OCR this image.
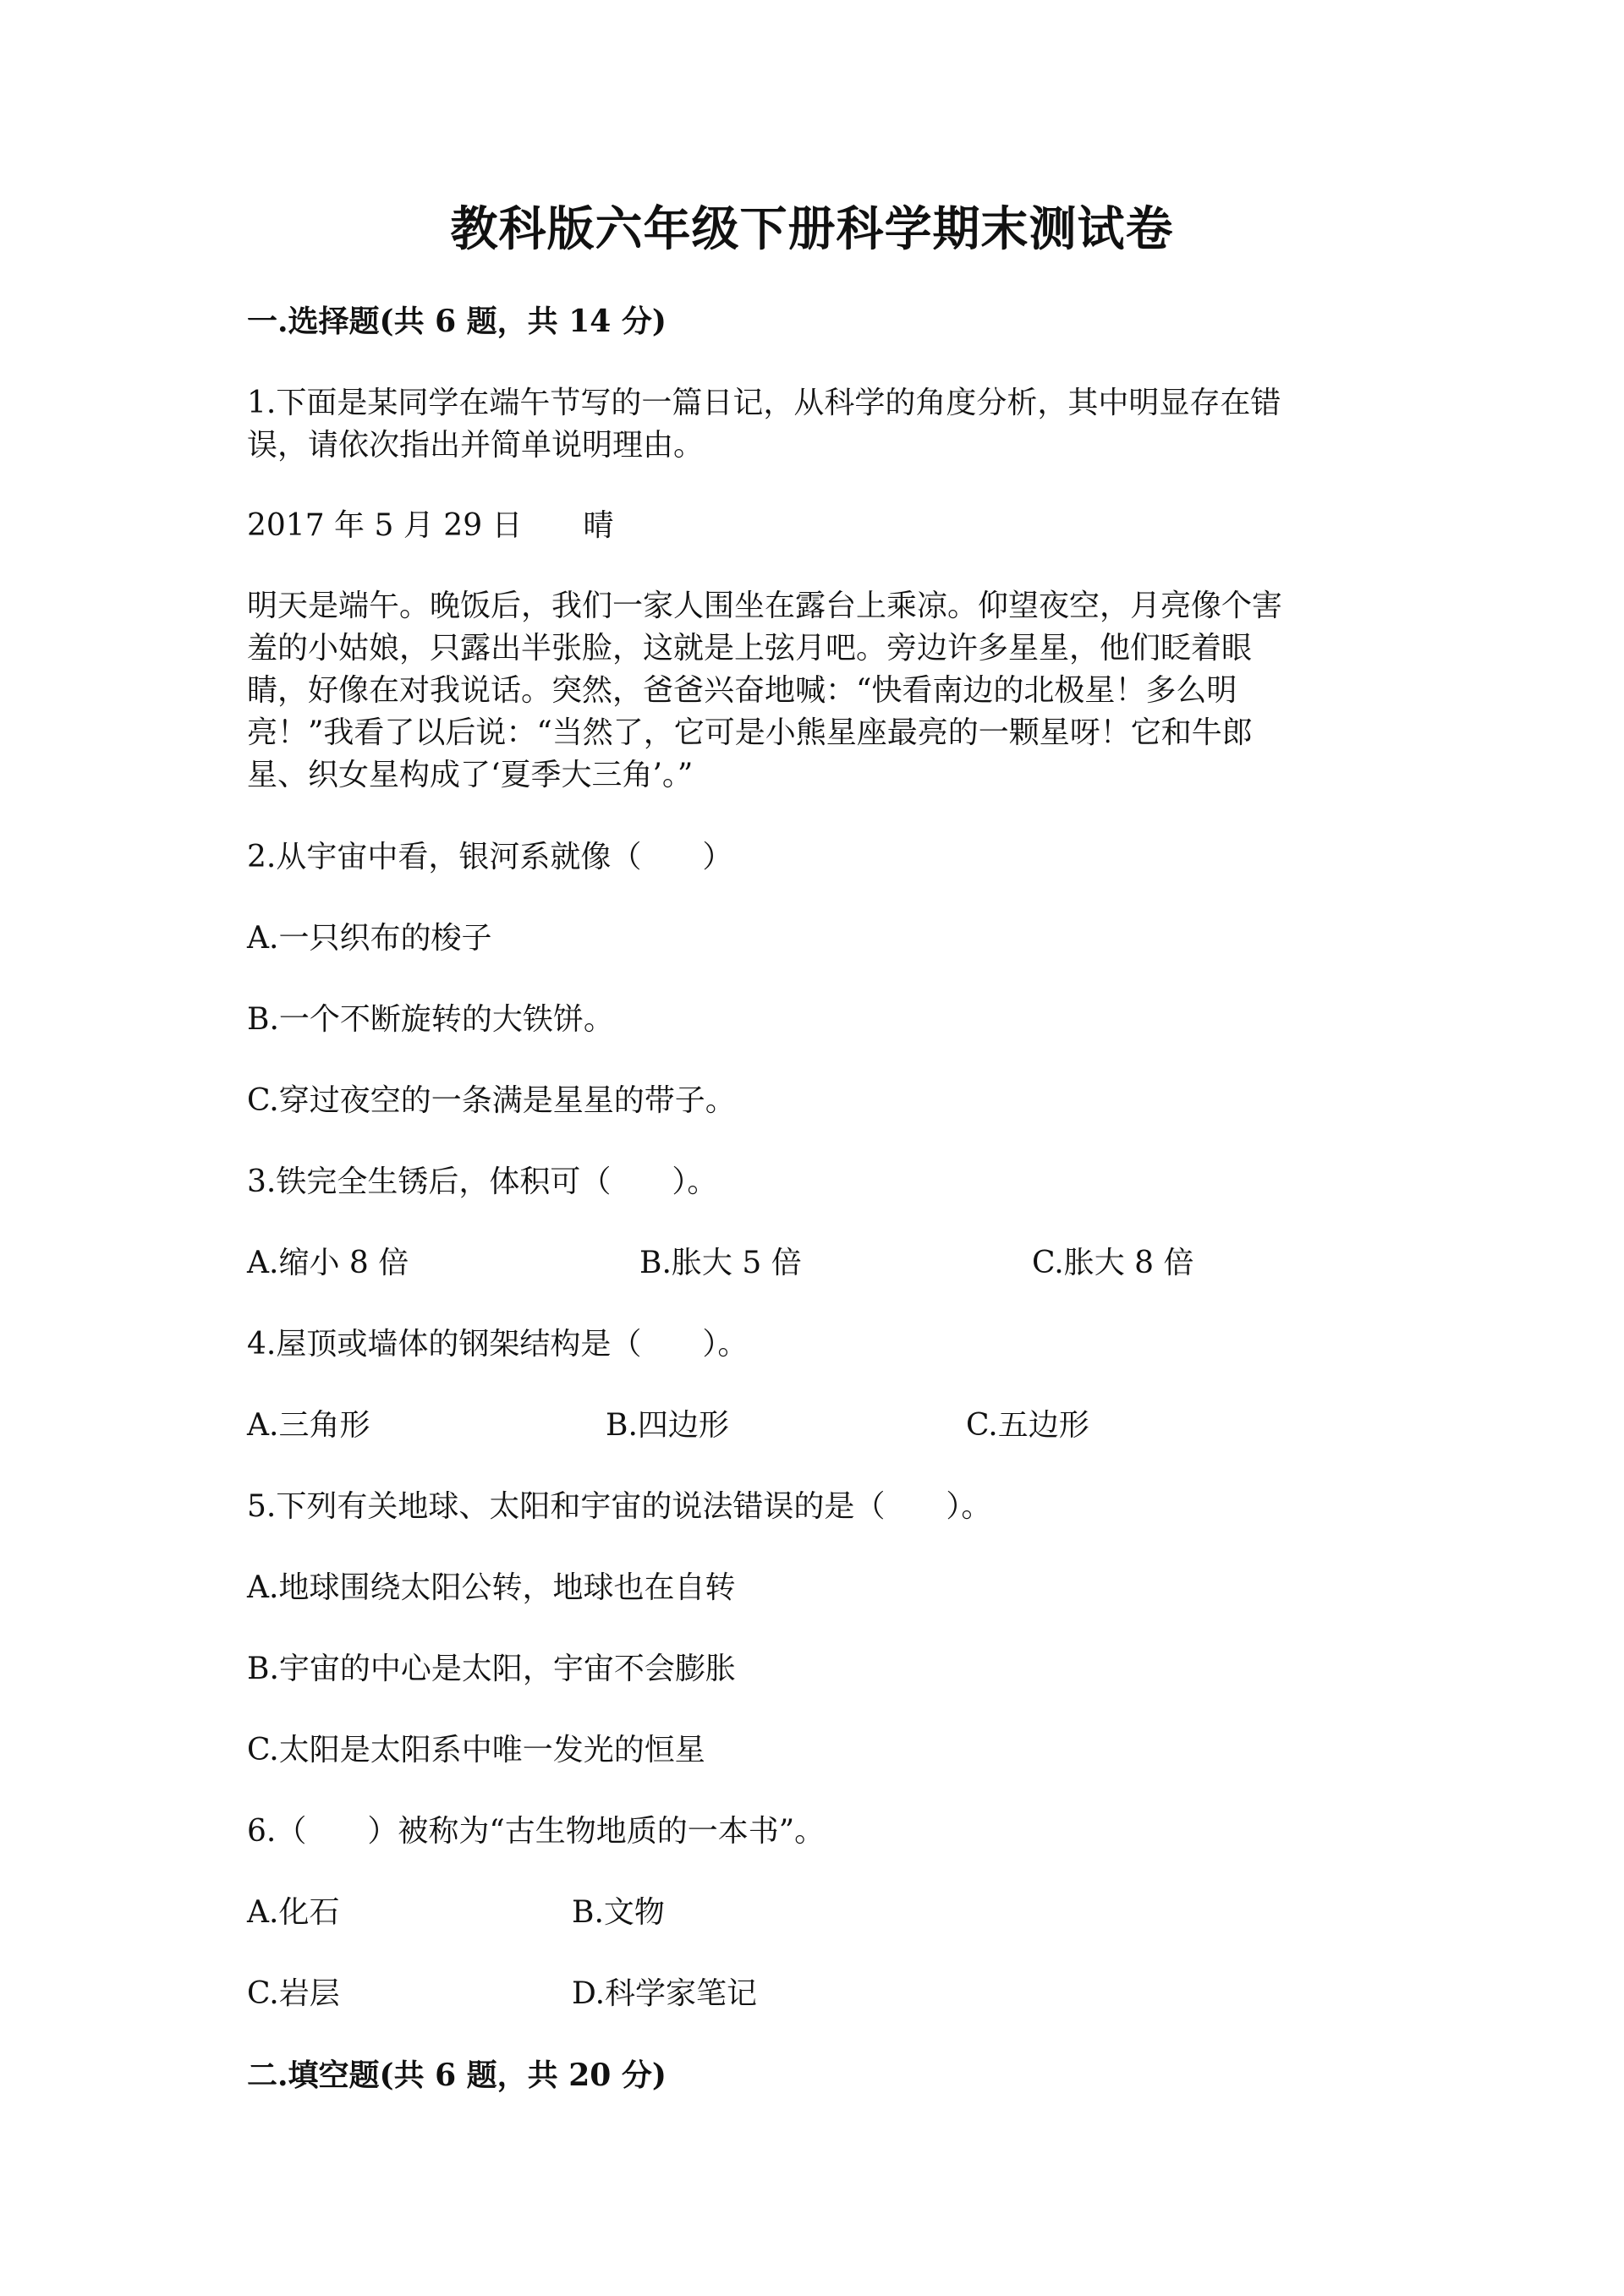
教科版六年级下册科学期末测试卷
一.选择题(共 6 题，共 14 分)
1.下面是某同学在端午节写的一篇日记，从科学的角度分析，其中明显存在错
误，请依次指出并简单说明理由。
2017 年 5 月 29 日　　晴
明天是端午。晚饭后，我们一家人围坐在露台上乘凉。仰望夜空，月亮像个害
羞的小姑娘，只露出半张脸，这就是上弦月吧。旁边许多星星，他们眨着眼
睛，好像在对我说话。突然，爸爸兴奋地喊：“快看南边的北极星！多么明
亮！”我看了以后说：“当然了，它可是小熊星座最亮的一颗星呀！它和牛郎
星、织女星构成了‘夏季大三角’。”
2.从宇宙中看，银河系就像（　　）
A.一只织布的梭子
B.一个不断旋转的大铁饼。
C.穿过夜空的一条满是星星的带子。
3.铁完全生锈后，体积可（　　）。
A.缩小 8 倍	B.胀大 5 倍	C.胀大 8 倍
4.屋顶或墙体的钢架结构是（　　）。
A.三角形	B.四边形	C.五边形
5.下列有关地球、太阳和宇宙的说法错误的是（　　）。
A.地球围绕太阳公转，地球也在自转
B.宇宙的中心是太阳，宇宙不会膨胀
C.太阳是太阳系中唯一发光的恒星
6.（　　）被称为“古生物地质的一本书”。
A.化石	B.文物
C.岩层	D.科学家笔记
二.填空题(共 6 题，共 20 分)
